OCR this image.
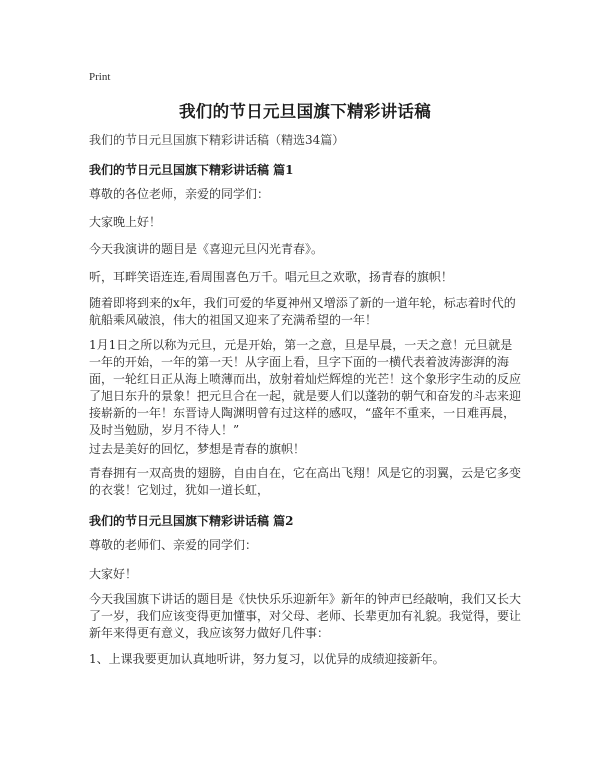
Print
我们的节日元旦国旗下精彩讲话稿
我们的节日元旦国旗下精彩讲话稿（精选34篇）
我们的节日元旦国旗下精彩讲话稿 篇1

尊敬的各位老师，亲爱的同学们：

大家晚上好！

今天我演讲的题目是《喜迎元旦闪光青春》。

听，耳畔笑语连连,看周围喜色万千。唱元旦之欢歌，扬青春的旗帜！

随着即将到来的x年，我们可爱的华夏神州又增添了新的一道年轮，标志着时代的航船乘风破浪，伟大的祖国又迎来了充满希望的一年！

1月1日之所以称为元旦，元是开始，第一之意，旦是早晨，一天之意！元旦就是一年的开始，一年的第一天！从字面上看，旦字下面的一横代表着波涛澎湃的海面，一轮红日正从海上喷薄而出，放射着灿烂辉煌的光芒！这个象形字生动的反应了旭日东升的景象！把元旦合在一起，就是要人们以蓬勃的朝气和奋发的斗志来迎接崭新的一年！东晋诗人陶渊明曾有过这样的感叹，“盛年不重来，一日难再晨，及时当勉励，岁月不待人！”

过去是美好的回忆，梦想是青春的旗帜！

青春拥有一双高贵的翅膀，自由自在，它在高出飞翔！风是它的羽翼，云是它多变的衣裳！它划过，犹如一道长虹，

我们的节日元旦国旗下精彩讲话稿 篇2

尊敬的老师们、亲爱的同学们：

大家好！

今天我国旗下讲话的题目是《快快乐乐迎新年》新年的钟声已经敲响，我们又长大了一岁，我们应该变得更加懂事，对父母、老师、长辈更加有礼貌。我觉得，要让新年来得更有意义，我应该努力做好几件事：

1、上课我要更加认真地听讲，努力复习，以优异的成绩迎接新年。
